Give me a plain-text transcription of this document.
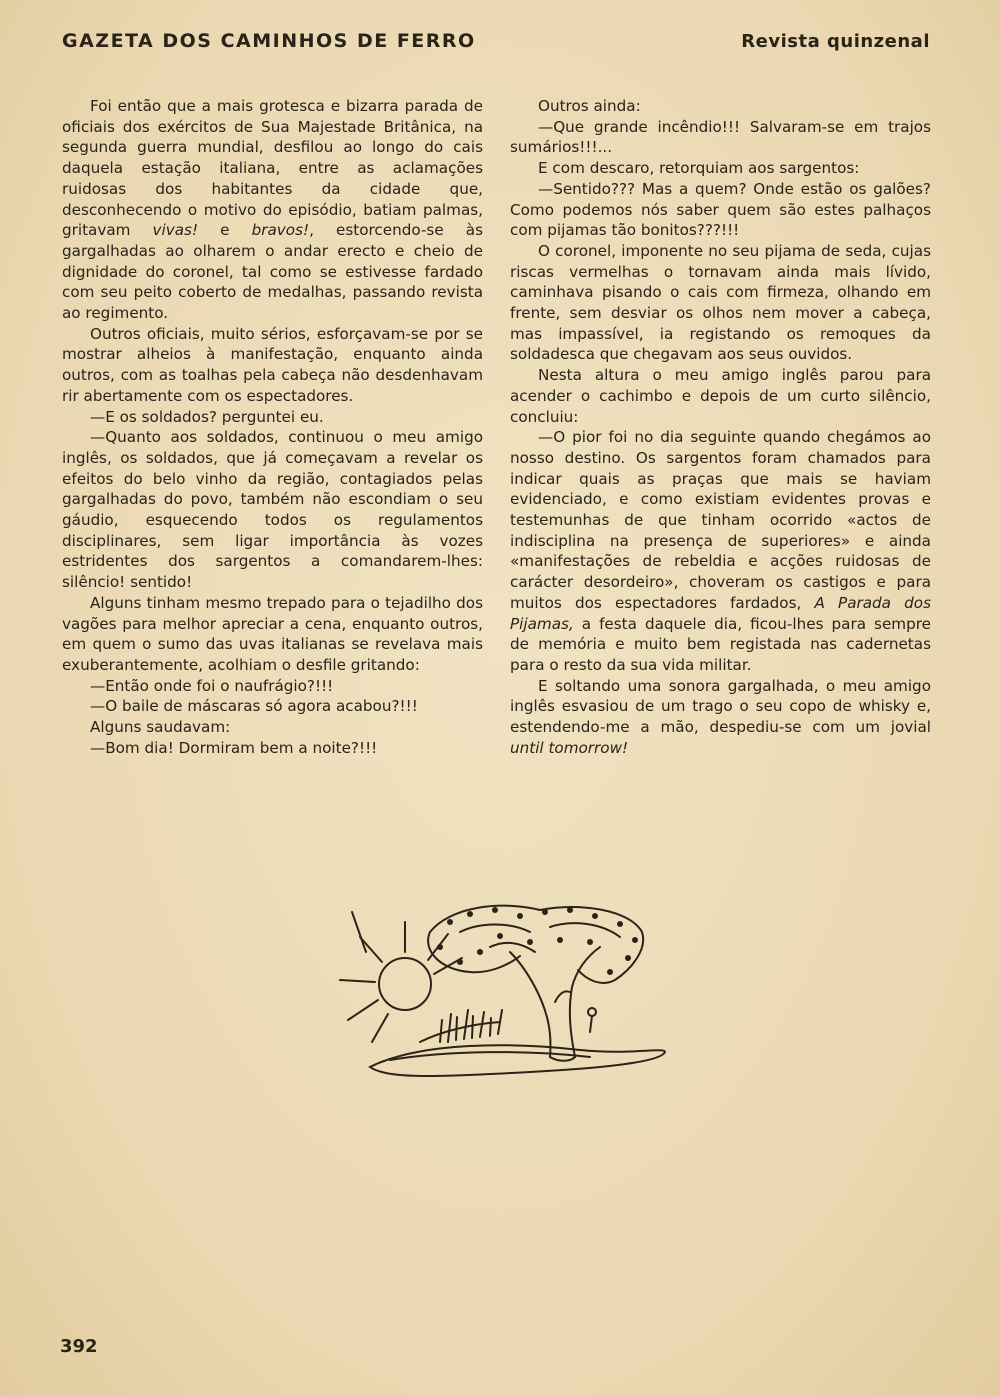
GAZETA DOS CAMINHOS DE FERRO	Revista quinzenal

Foi então que a mais grotesca e bizarra parada de oficiais dos exércitos de Sua Majestade Britânica, na segunda guerra mundial, desfilou ao longo do cais daquela estação italiana, entre as aclamações ruidosas dos habitantes da cidade que, desconhecendo o motivo do episódio, batiam palmas, gritavam vivas! e bravos!, estorcendo-se às gargalhadas ao olharem o andar erecto e cheio de dignidade do coronel, tal como se estivesse fardado com seu peito coberto de medalhas, passando revista ao regimento.

Outros oficiais, muito sérios, esforçavam-se por se mostrar alheios à manifestação, enquanto ainda outros, com as toalhas pela cabeça não desdenhavam rir abertamente com os espectadores.

—E os soldados? perguntei eu.

—Quanto aos soldados, continuou o meu amigo inglês, os soldados, que já começavam a revelar os efeitos do belo vinho da região, contagiados pelas gargalhadas do povo, também não escondiam o seu gáudio, esquecendo todos os regulamentos disciplinares, sem ligar importância às vozes estridentes dos sargentos a comandarem-lhes: silêncio! sentido!

Alguns tinham mesmo trepado para o tejadilho dos vagões para melhor apreciar a cena, enquanto outros, em quem o sumo das uvas italianas se revelava mais exuberantemente, acolhiam o desfile gritando:

—Então onde foi o naufrágio?!!!

—O baile de máscaras só agora acabou?!!!

Alguns saudavam:

—Bom dia! Dormiram bem a noite?!!!

Outros ainda:

—Que grande incêndio!!! Salvaram-se em trajos sumários!!!...

E com descaro, retorquiam aos sargentos:

—Sentido??? Mas a quem? Onde estão os galões? Como podemos nós saber quem são estes palhaços com pijamas tão bonitos???!!!

O coronel, imponente no seu pijama de seda, cujas riscas vermelhas o tornavam ainda mais lívido, caminhava pisando o cais com firmeza, olhando em frente, sem desviar os olhos nem mover a cabeça, mas impassível, ia registando os remoques da soldadesca que chegavam aos seus ouvidos.

Nesta altura o meu amigo inglês parou para acender o cachimbo e depois de um curto silêncio, concluiu:

—O pior foi no dia seguinte quando chegámos ao nosso destino. Os sargentos foram chamados para indicar quais as praças que mais se haviam evidenciado, e como existiam evidentes provas e testemunhas de que tinham ocorrido «actos de indisciplina na presença de superiores» e ainda «manifestações de rebeldia e acções ruidosas de carácter desordeiro», choveram os castigos e para muitos dos espectadores fardados, A Parada dos Pijamas, a festa daquele dia, ficou-lhes para sempre de memória e muito bem registada nas cadernetas para o resto da sua vida militar.

E soltando uma sonora gargalhada, o meu amigo inglês esvasiou de um trago o seu copo de whisky e, estendendo-me a mão, despediu-se com um jovial until tomorrow!

392
